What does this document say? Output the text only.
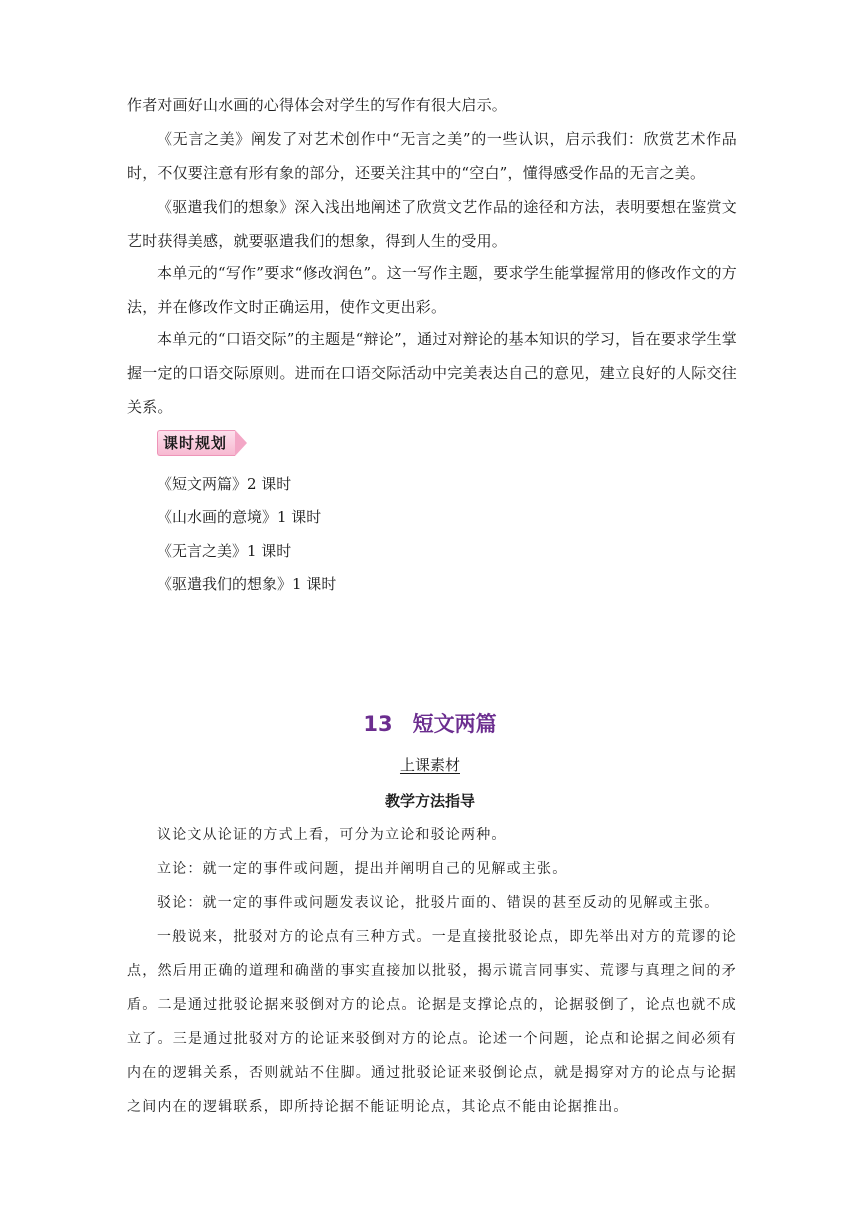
作者对画好山水画的心得体会对学生的写作有很大启示。

《无言之美》阐发了对艺术创作中“无言之美”的一些认识，启示我们：欣赏艺术作品时，不仅要注意有形有象的部分，还要关注其中的“空白”，懂得感受作品的无言之美。

《驱遣我们的想象》深入浅出地阐述了欣赏文艺作品的途径和方法，表明要想在鉴赏文艺时获得美感，就要驱遣我们的想象，得到人生的受用。

本单元的“写作”要求“修改润色”。这一写作主题，要求学生能掌握常用的修改作文的方法，并在修改作文时正确运用，使作文更出彩。

本单元的“口语交际”的主题是“辩论”，通过对辩论的基本知识的学习，旨在要求学生掌握一定的口语交际原则。进而在口语交际活动中完美表达自己的意见，建立良好的人际交往关系。

课时规划

《短文两篇》2 课时

《山水画的意境》1 课时

《无言之美》1 课时

《驱遣我们的想象》1 课时

13 短文两篇

上课素材

教学方法指导

议论文从论证的方式上看，可分为立论和驳论两种。

立论：就一定的事件或问题，提出并阐明自己的见解或主张。

驳论：就一定的事件或问题发表议论，批驳片面的、错误的甚至反动的见解或主张。

一般说来，批驳对方的论点有三种方式。一是直接批驳论点，即先举出对方的荒谬的论点，然后用正确的道理和确凿的事实直接加以批驳，揭示谎言同事实、荒谬与真理之间的矛盾。二是通过批驳论据来驳倒对方的论点。论据是支撑论点的，论据驳倒了，论点也就不成立了。三是通过批驳对方的论证来驳倒对方的论点。论述一个问题，论点和论据之间必须有内在的逻辑关系，否则就站不住脚。通过批驳论证来驳倒论点，就是揭穿对方的论点与论据之间内在的逻辑联系，即所持论据不能证明论点，其论点不能由论据推出。
